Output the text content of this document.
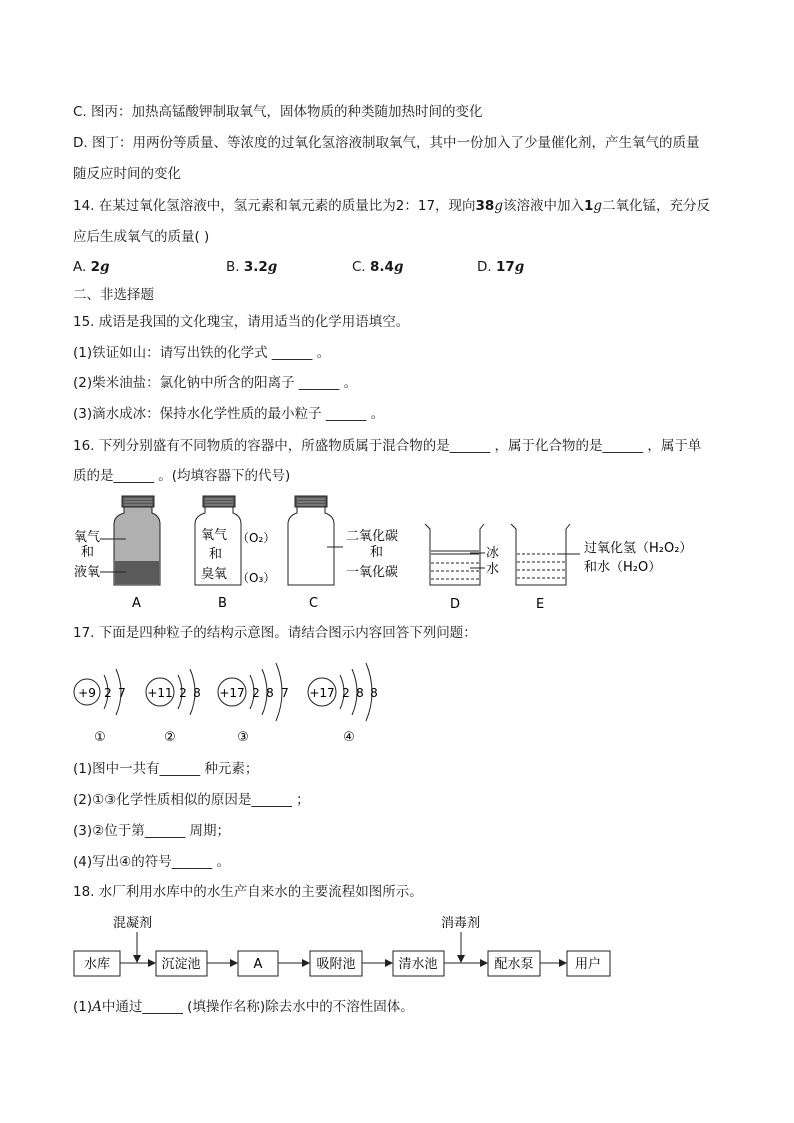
C. 图丙：加热高锰酸钾制取氧气，固体物质的种类随加热时间的变化
D. 图丁：用两份等质量、等浓度的过氧化氢溶液制取氧气，其中一份加入了少量催化剂，产生氧气的质量
随反应时间的变化
14. 在某过氧化氢溶液中，氢元素和氧元素的质量比为2：17，现向38g该溶液中加入1g二氧化锰，充分反
应后生成氧气的质量( )
A. 2g	B. 3.2g	C. 8.4g	D. 17g
二、非选择题
15. 成语是我国的文化瑰宝，请用适当的化学用语填空。
(1)铁证如山：请写出铁的化学式 ______ 。
(2)柴米油盐：氯化钠中所含的阳离子 ______ 。
(3)滴水成冰：保持水化学性质的最小粒子 ______ 。
16. 下列分别盛有不同物质的容器中，所盛物质属于混合物的是______ ，属于化合物的是______ ，属于单
质的是______ 。(均填容器下的代号)
氧气
和
液氧
A
氧气
和
臭氧
（O₂）
（O₃）
B
二氧化碳
和
一氧化碳
C
冰
水
D
过氧化氢（H₂O₂）
和水（H₂O）
E
17. 下面是四种粒子的结构示意图。请结合图示内容回答下列问题：
+9 2 7
①
+11 2 8
②
+17 2 8 7
③
+17 2 8 8
④
(1)图中一共有______ 种元素；
(2)①③化学性质相似的原因是______ ；
(3)②位于第______ 周期；
(4)写出④的符号______ 。
18. 水厂利用水库中的水生产自来水的主要流程如图所示。
水库	沉淀池	A	吸附池	清水池	配水泵	用户
混凝剂	消毒剂
(1)A中通过______ (填操作名称)除去水中的不溶性固体。
